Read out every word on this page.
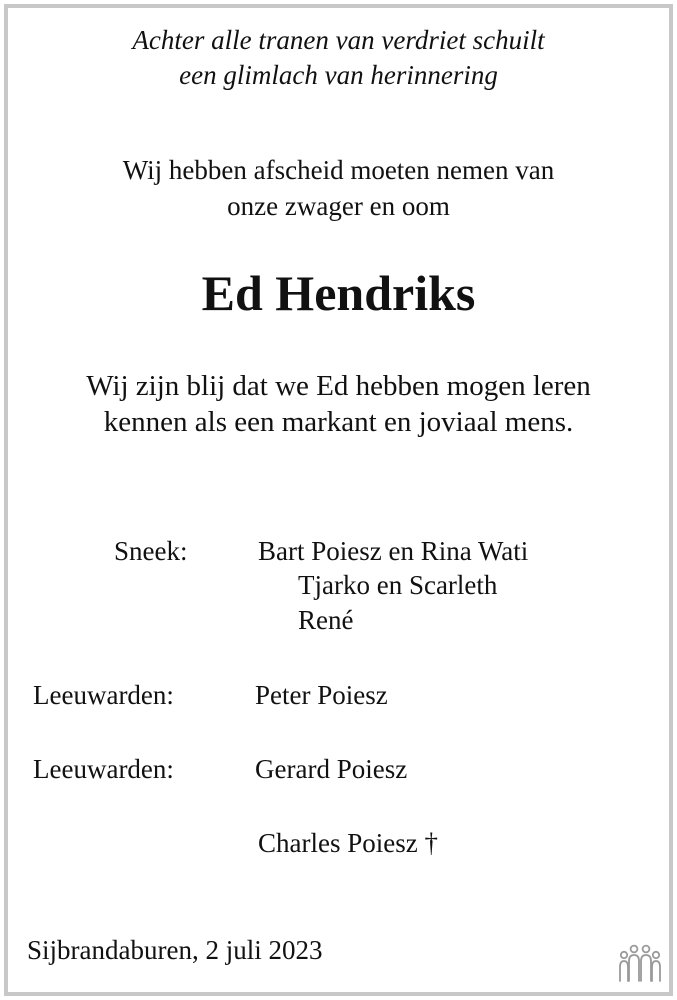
Achter alle tranen van verdriet schuilt
een glimlach van herinnering
Wij hebben afscheid moeten nemen van
onze zwager en oom
Ed Hendriks
Wij zijn blij dat we Ed hebben mogen leren
kennen als een markant en joviaal mens.
Sneek:	Bart Poiesz en Rina Wati
Tjarko en Scarleth
René
Leeuwarden:	Peter Poiesz
Leeuwarden:	Gerard Poiesz
Charles Poiesz †
Sijbrandaburen, 2 juli 2023
